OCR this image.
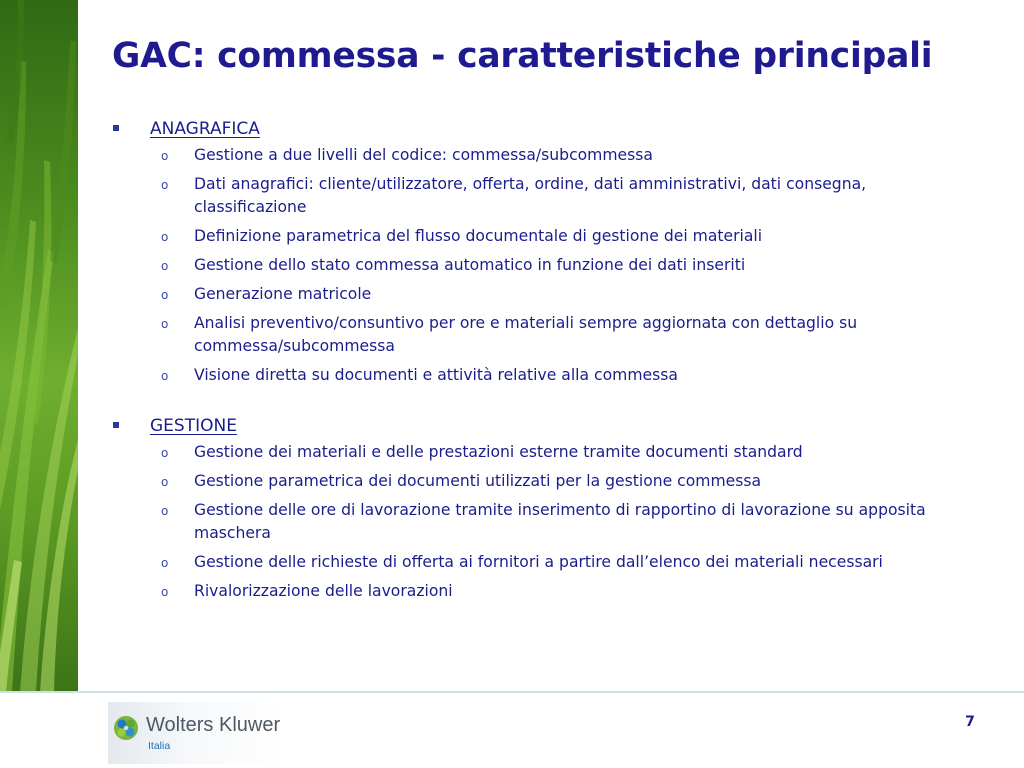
GAC: commessa - caratteristiche principali
ANAGRAFICA
o Gestione a due livelli del codice: commessa/subcommessa
o Dati anagrafici: cliente/utilizzatore, offerta, ordine, dati amministrativi, dati consegna, classificazione
o Definizione parametrica del flusso documentale di gestione dei materiali
o Gestione dello stato commessa automatico in funzione dei dati inseriti
o Generazione matricole
o Analisi preventivo/consuntivo per ore e materiali sempre aggiornata con dettaglio su commessa/subcommessa
o Visione diretta su documenti e attività relative alla commessa
GESTIONE
o Gestione dei materiali e delle prestazioni esterne tramite documenti standard
o Gestione parametrica dei documenti utilizzati per la gestione commessa
o Gestione delle ore di lavorazione tramite inserimento di rapportino di lavorazione su apposita maschera
o Gestione delle richieste di offerta ai fornitori a partire dall’elenco dei materiali necessari
o Rivalorizzazione delle lavorazioni
Wolters Kluwer
Italia
7
